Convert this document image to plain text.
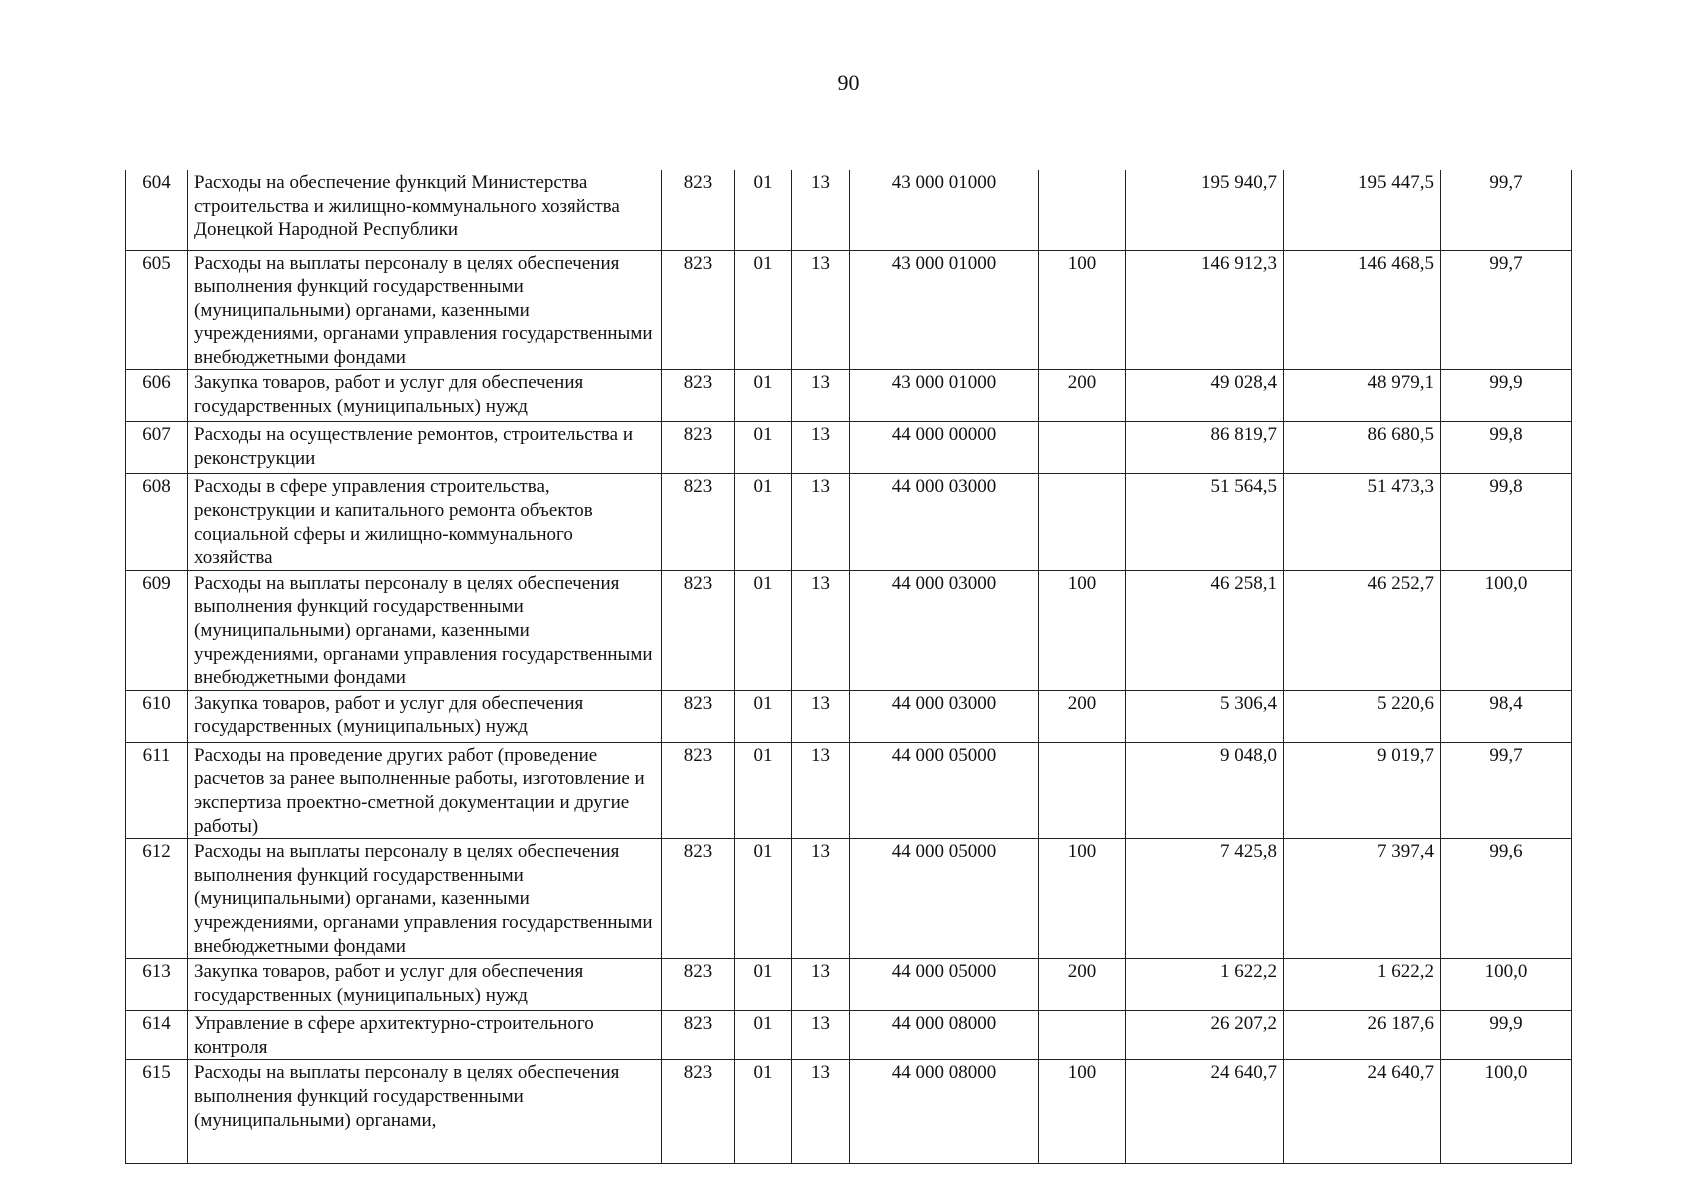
90
604	Расходы на обеспечение функций Министерства строительства и жилищно-коммунального хозяйства Донецкой Народной Республики	823	01	13	43 000 01000		195 940,7	195 447,5	99,7
605	Расходы на выплаты персоналу в целях обеспечения выполнения функций государственными (муниципальными) органами, казенными учреждениями, органами управления государственными внебюджетными фондами	823	01	13	43 000 01000	100	146 912,3	146 468,5	99,7
606	Закупка товаров, работ и услуг для обеспечения государственных (муниципальных) нужд	823	01	13	43 000 01000	200	49 028,4	48 979,1	99,9
607	Расходы на осуществление ремонтов, строительства и реконструкции	823	01	13	44 000 00000		86 819,7	86 680,5	99,8
608	Расходы в сфере управления строительства, реконструкции и капитального ремонта объектов социальной сферы и жилищно-коммунального хозяйства	823	01	13	44 000 03000		51 564,5	51 473,3	99,8
609	Расходы на выплаты персоналу в целях обеспечения выполнения функций государственными (муниципальными) органами, казенными учреждениями, органами управления государственными внебюджетными фондами	823	01	13	44 000 03000	100	46 258,1	46 252,7	100,0
610	Закупка товаров, работ и услуг для обеспечения государственных (муниципальных) нужд	823	01	13	44 000 03000	200	5 306,4	5 220,6	98,4
611	Расходы на проведение других работ (проведение расчетов за ранее выполненные работы, изготовление и экспертиза проектно-сметной документации и другие работы)	823	01	13	44 000 05000		9 048,0	9 019,7	99,7
612	Расходы на выплаты персоналу в целях обеспечения выполнения функций государственными (муниципальными) органами, казенными учреждениями, органами управления государственными внебюджетными фондами	823	01	13	44 000 05000	100	7 425,8	7 397,4	99,6
613	Закупка товаров, работ и услуг для обеспечения государственных (муниципальных) нужд	823	01	13	44 000 05000	200	1 622,2	1 622,2	100,0
614	Управление в сфере архитектурно-строительного контроля	823	01	13	44 000 08000		26 207,2	26 187,6	99,9
615	Расходы на выплаты персоналу в целях обеспечения выполнения функций государственными (муниципальными) органами,	823	01	13	44 000 08000	100	24 640,7	24 640,7	100,0
